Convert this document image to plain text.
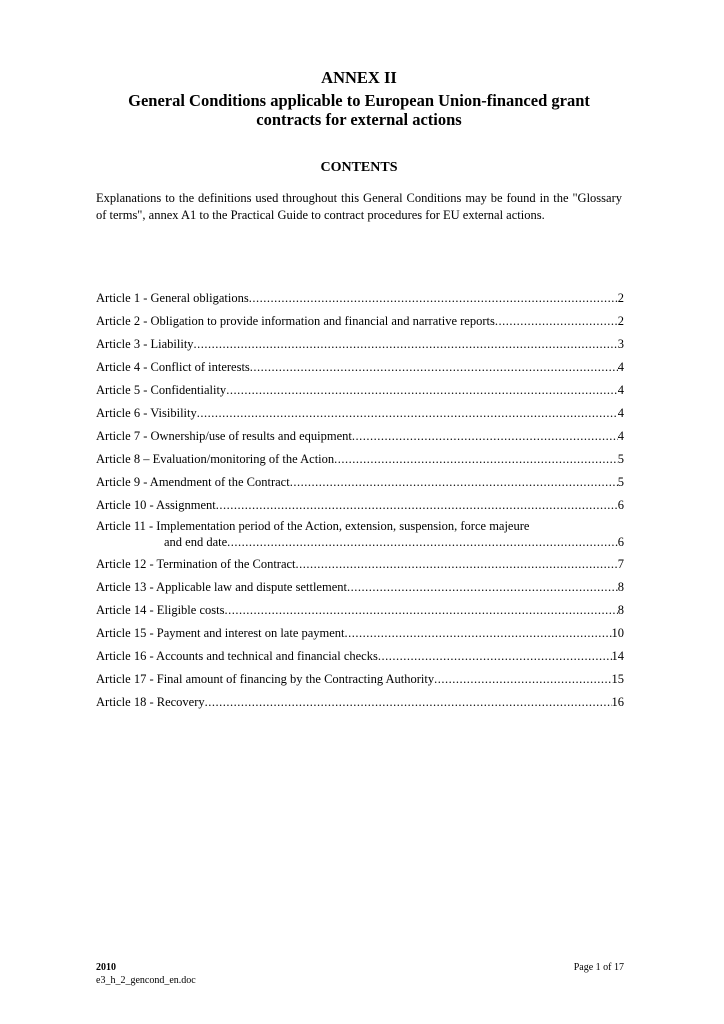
ANNEX II
General Conditions applicable to European Union-financed grant
contracts for external actions
CONTENTS
Explanations to the definitions used throughout this General Conditions may be found in the "Glossary of terms", annex A1 to the Practical Guide to contract procedures for EU external actions.
Article 1 - General obligations .....	2
Article 2 - Obligation to provide information and financial and narrative reports .....	2
Article 3 - Liability .....	3
Article 4 - Conflict of interests .....	4
Article 5 - Confidentiality .....	4
Article 6 - Visibility .....	4
Article 7 - Ownership/use of results and equipment .....	4
Article 8 – Evaluation/monitoring of the Action .....	5
Article 9 - Amendment of the Contract .....	5
Article 10 - Assignment .....	6
Article 11 - Implementation period of the Action, extension, suspension, force majeure
and end date .....	6
Article 12 - Termination of the Contract .....	7
Article 13 - Applicable law and dispute settlement .....	8
Article 14 - Eligible costs .....	8
Article 15 - Payment and interest on late payment .....	10
Article 16 - Accounts and technical and financial checks .....	14
Article 17 - Final amount of financing by the Contracting Authority .....	15
Article 18 - Recovery .....	16
2010
e3_h_2_gencond_en.doc
Page 1 of 17
